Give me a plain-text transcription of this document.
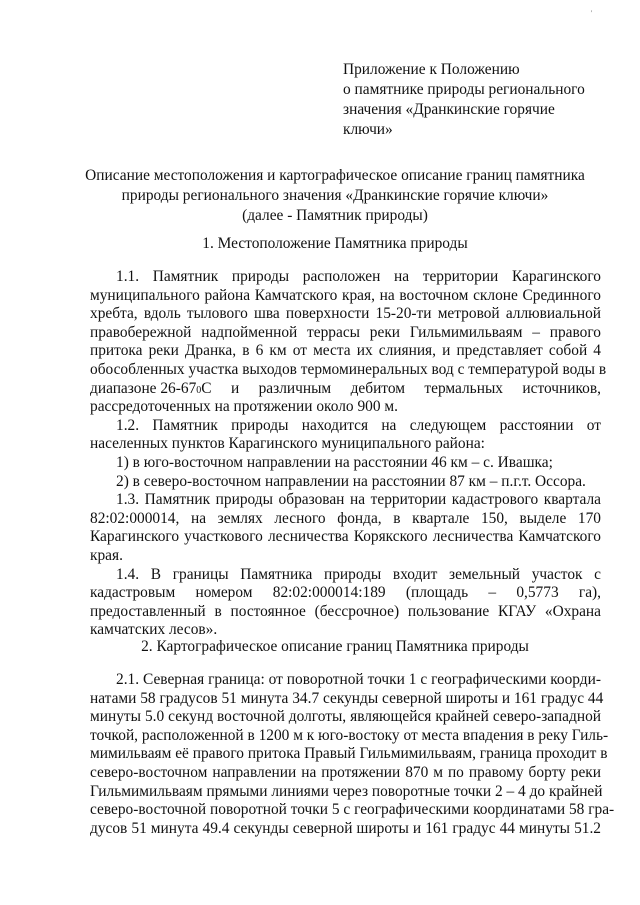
'
Приложение к Положению
о памятнике природы регионального
значения «Дранкинские горячие
ключи»
Описание местоположения и картографическое описание границ памятника
природы регионального значения «Дранкинские горячие ключи»
(далее - Памятник природы)
1. Местоположение Памятника природы
1.1. Памятник природы расположен на территории Карагинского
муниципального района Камчатского края, на восточном склоне Срединного
хребта, вдоль тылового шва поверхности 15-20-ти метровой аллювиальной
правобережной надпойменной террасы реки Гильмимильваям – правого
притока реки Дранка, в 6 км от места их слияния, и представляет собой 4
обособленных участка выходов термоминеральных вод с температурой воды в
диапазоне 26-67 0 С и различным дебитом термальных источников,
рассредоточенных на протяжении около 900 м.
1.2. Памятник природы находится на следующем расстоянии от
населенных пунктов Карагинского муниципального района:
1) в юго-восточном направлении на расстоянии 46 км – с. Ивашка;
2) в северо-восточном направлении на расстоянии 87 км – п.г.т. Оссора.
1.3. Памятник природы образован на территории кадастрового квартала
82:02:000014, на землях лесного фонда, в квартале 150, выделе 170
Карагинского участкового лесничества Корякского лесничества Камчатского
края.
1.4. В границы Памятника природы входит земельный участок с
кадастровым номером 82:02:000014:189 (площадь – 0,5773 га),
предоставленный в постоянное (бессрочное) пользование КГАУ «Охрана
камчатских лесов».
2. Картографическое описание границ Памятника природы
2.1. Северная граница: от поворотной точки 1 с географическими коорди-
натами 58 градусов 51 минута 34.7 секунды северной широты и 161 градус 44
минуты 5.0 секунд восточной долготы, являющейся крайней северо-западной
точкой, расположенной в 1200 м к юго-востоку от места впадения в реку Гиль-
мимильваям её правого притока Правый Гильмимильваям, граница проходит в
северо-восточном направлении на протяжении 870 м по правому борту реки
Гильмимильваям прямыми линиями через поворотные точки 2 – 4 до крайней
северо-восточной поворотной точки 5 с географическими координатами 58 гра-
дусов 51 минута 49.4 секунды северной широты и 161 градус 44 минуты 51.2
